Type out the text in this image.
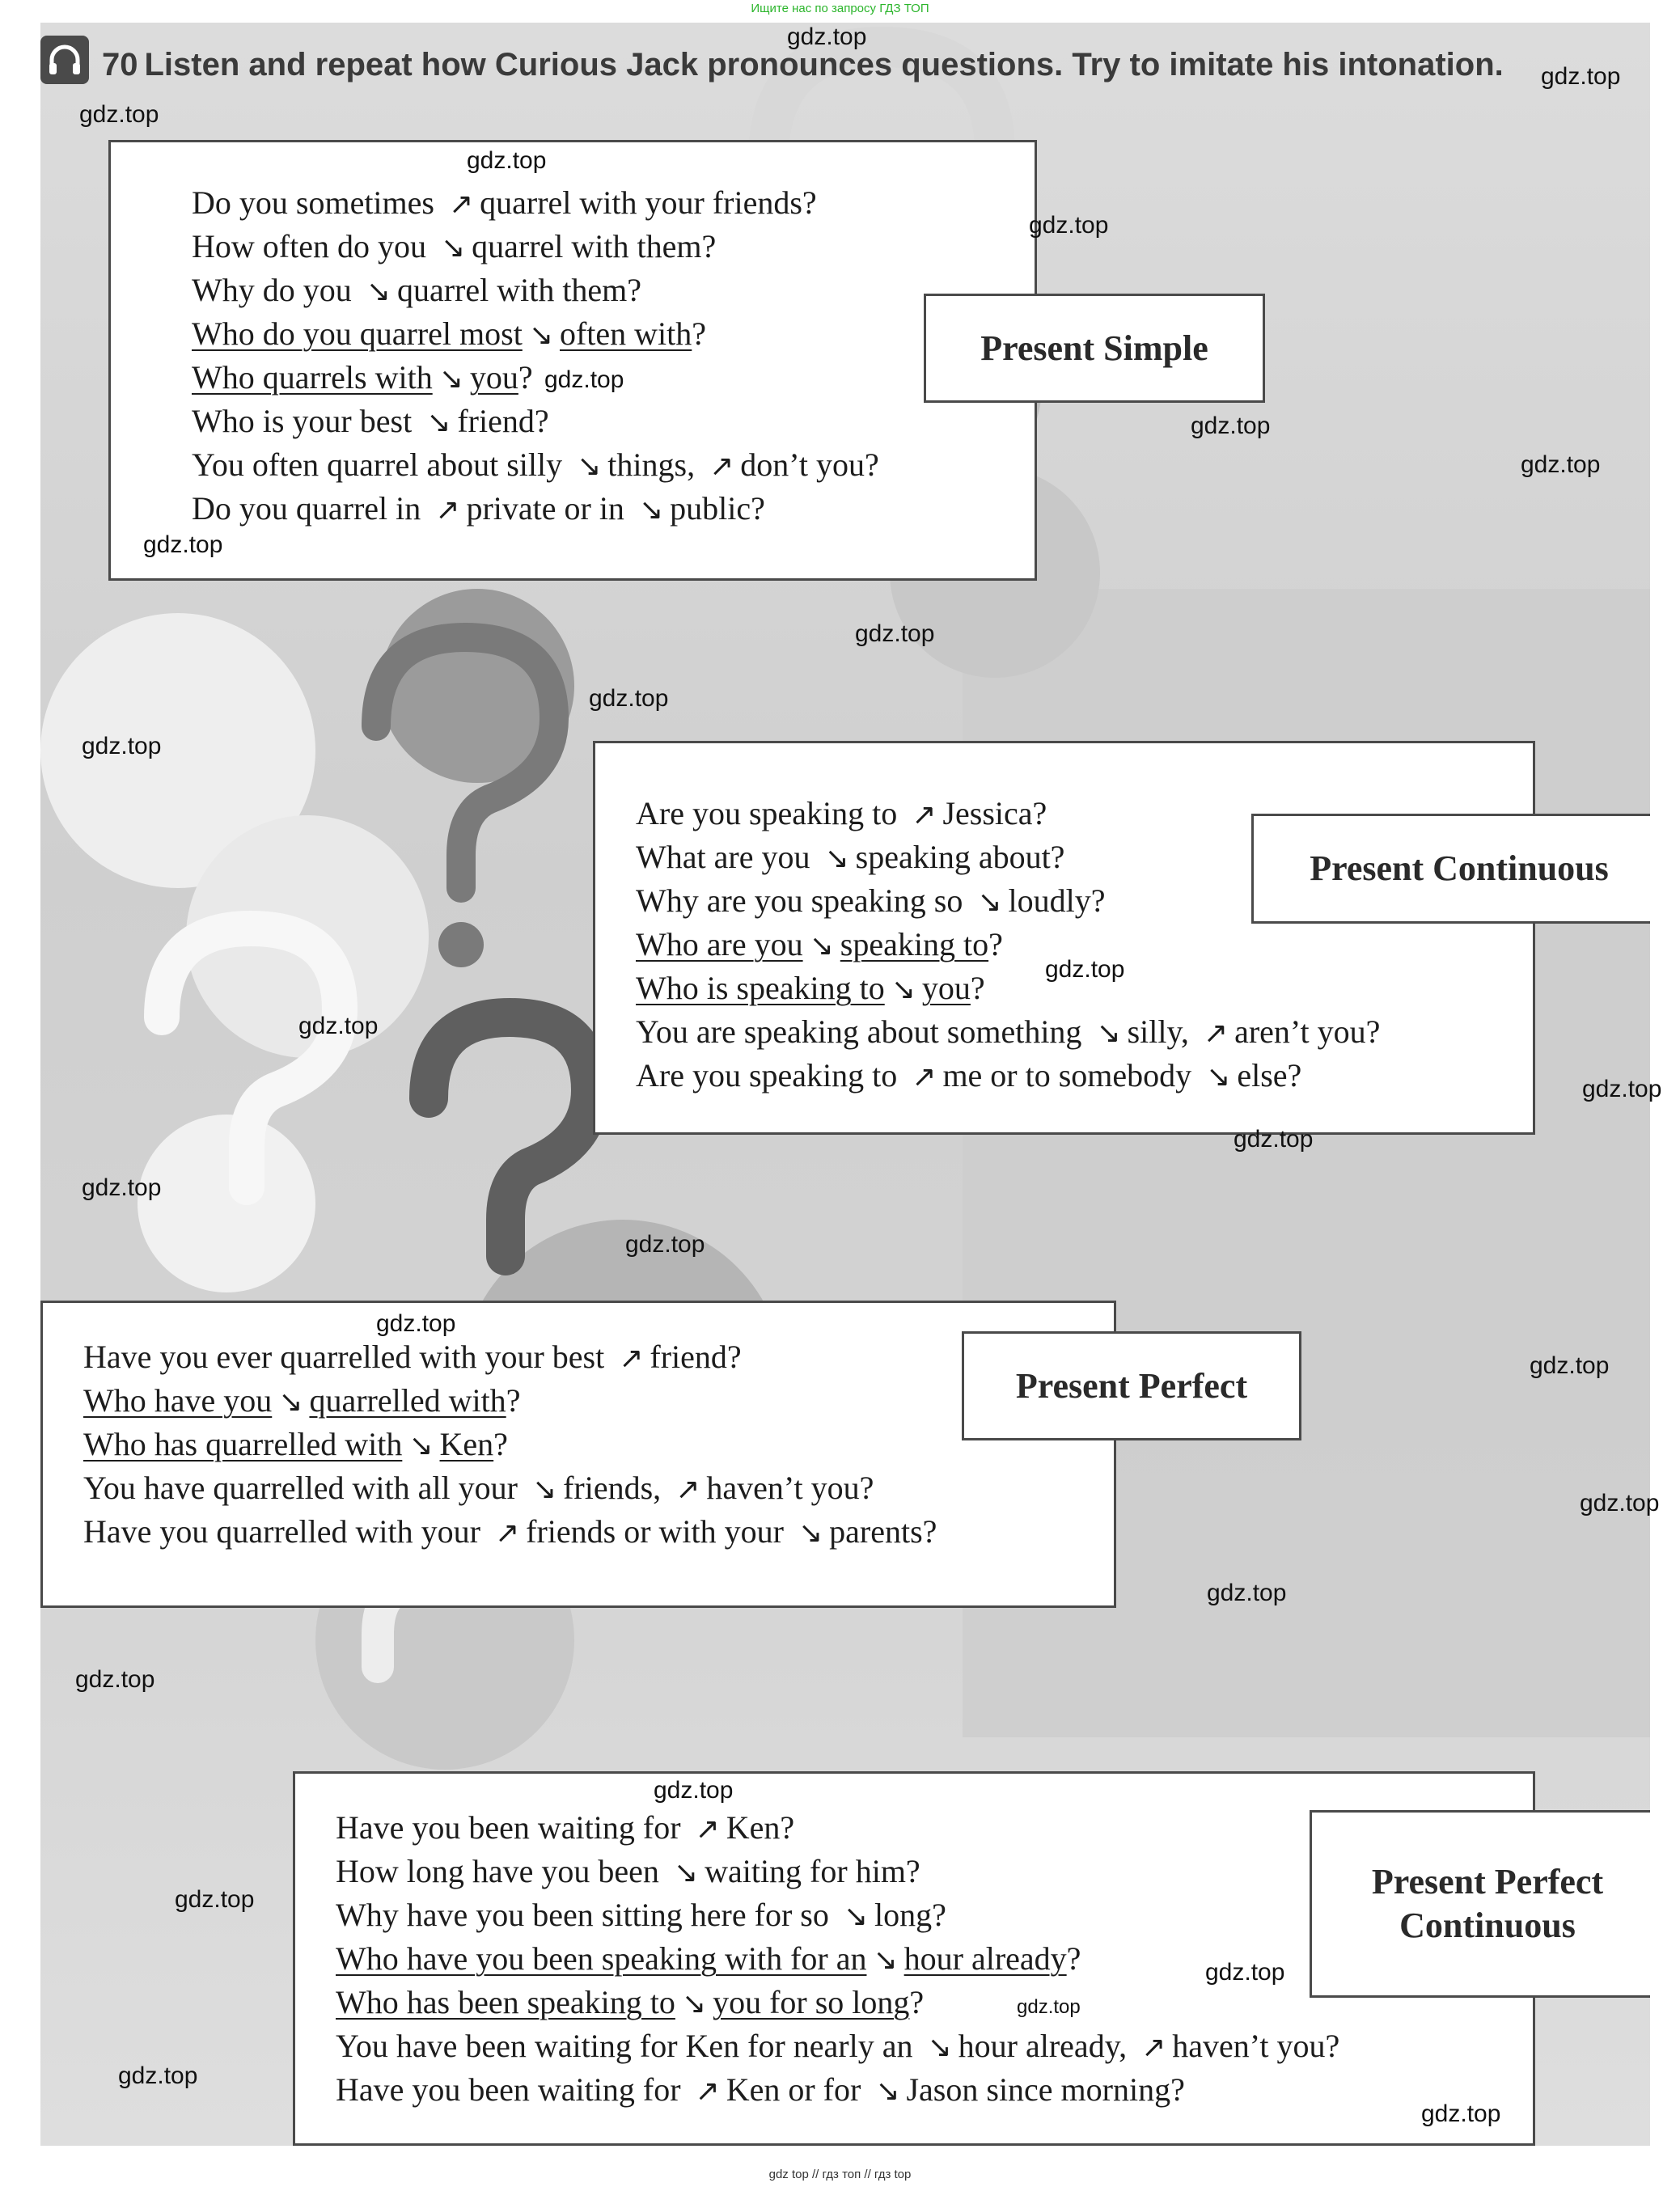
Ищите нас по запросу ГДЗ ТОП
70 Listen and repeat how Curious Jack pronounces questions. Try to imitate his intonation.
Do you sometimes ↗ quarrel with your friends?
How often do you ↘ quarrel with them?
Why do you ↘ quarrel with them?
Who do you quarrel most ↘ often with?
Who quarrels with ↘ you?
Who is your best ↘ friend?
You often quarrel about silly ↘ things, ↗ don’t you?
Do you quarrel in ↗ private or in ↘ public?
Present Simple
Are you speaking to ↗ Jessica?
What are you ↘ speaking about?
Why are you speaking so ↘ loudly?
Who are you ↘ speaking to?
Who is speaking to ↘ you?
You are speaking about something ↘ silly, ↗ aren’t you?
Are you speaking to ↗ me or to somebody ↘ else?
Present Continuous
Have you ever quarrelled with your best ↗ friend?
Who have you ↘ quarrelled with?
Who has quarrelled with ↘ Ken?
You have quarrelled with all your ↘ friends, ↗ haven’t you?
Have you quarrelled with your ↗ friends or with your ↘ parents?
Present Perfect
Have you been waiting for ↗ Ken?
How long have you been ↘ waiting for him?
Why have you been sitting here for so ↘ long?
Who have you been speaking with for an ↘ hour already?
Who has been speaking to ↘ you for so long?
You have been waiting for Ken for nearly an ↘ hour already, ↗ haven’t you?
Have you been waiting for ↗ Ken or for ↘ Jason since morning?
Present Perfect Continuous
gdz top // гдз топ // гдз top
gdz.top
gdz.top
gdz.top
gdz.top
gdz.top
gdz.top
gdz.top
gdz.top
gdz.top
gdz.top
gdz.top
gdz.top
gdz.top
gdz.top
gdz.top
gdz.top
gdz.top
gdz.top
gdz.top
gdz.top
gdz.top
gdz.top
gdz.top
gdz.top
gdz.top
gdz.top
gdz.top
gdz.top
gdz.top
